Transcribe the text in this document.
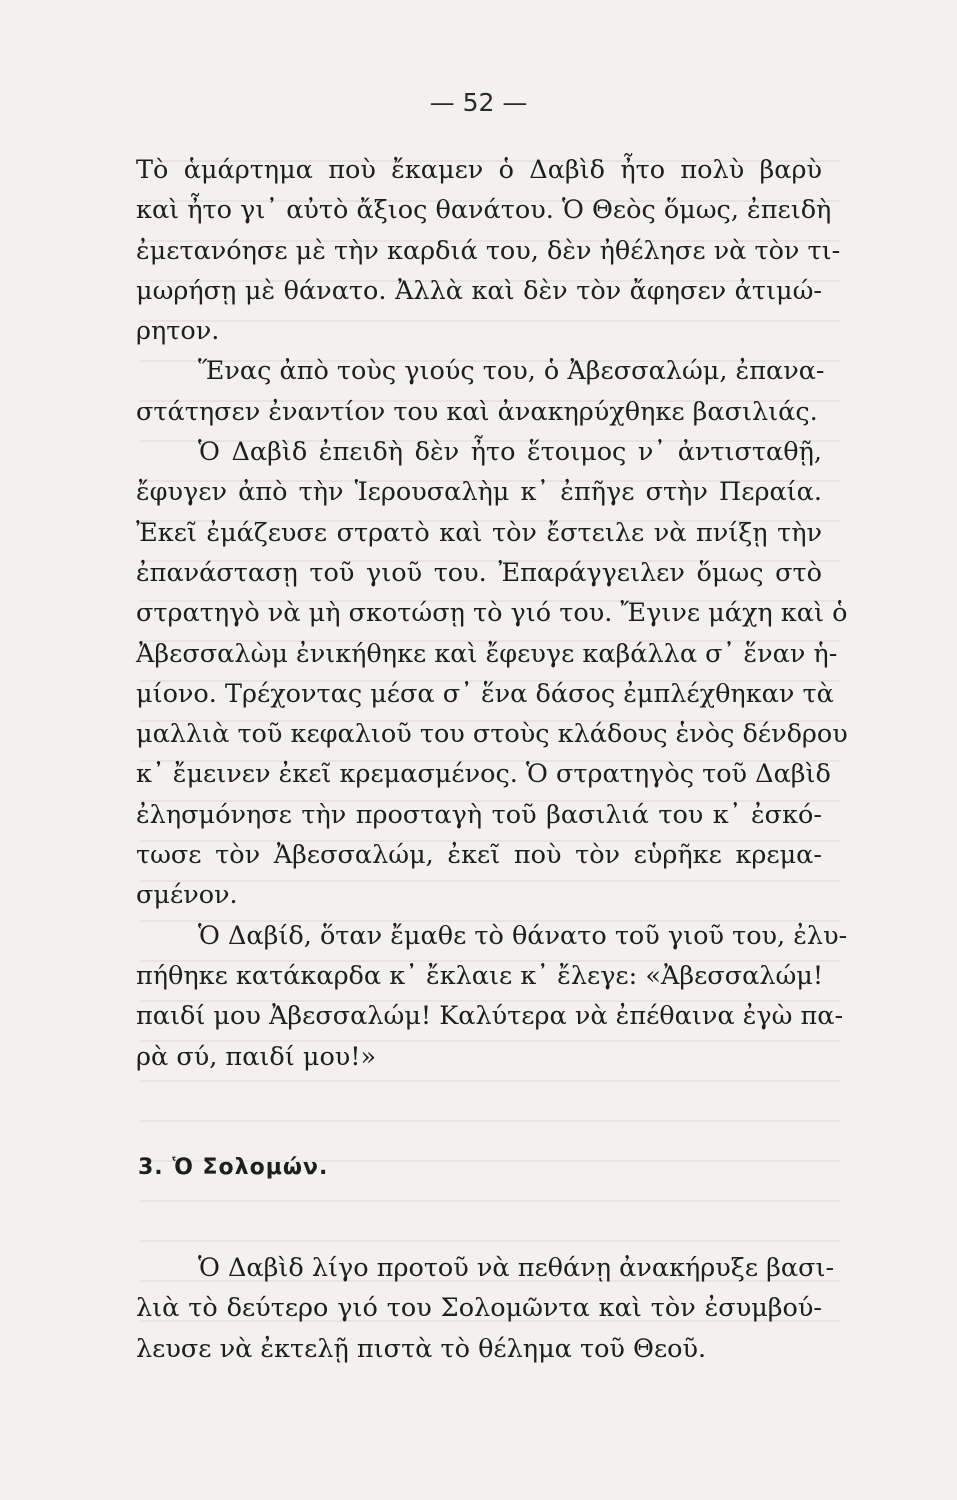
— 52 —
Τὸ ἁμάρτημα ποὺ ἔκαμεν ὁ Δαβὶδ ἦτο πολὺ βαρὺ
καὶ ἦτο γι᾽ αὐτὸ ἄξιος θανάτου. Ὁ Θεὸς ὅμως, ἐπειδὴ
ἐμετανόησε μὲ τὴν καρδιά του, δὲν ἠθέλησε νὰ τὸν τι-
μωρήσῃ μὲ θάνατο. Ἀλλὰ καὶ δὲν τὸν ἄφησεν ἀτιμώ-
ρητον.
Ἕνας ἀπὸ τοὺς γιούς του, ὁ Ἀβεσσαλώμ, ἐπανα-
στάτησεν ἐναντίον του καὶ ἀνακηρύχθηκε βασιλιάς.
Ὁ Δαβὶδ ἐπειδὴ δὲν ἦτο ἕτοιμος ν᾽ ἀντισταθῇ,
ἔφυγεν ἀπὸ τὴν Ἱερουσαλὴμ κ᾽ ἐπῆγε στὴν Περαία.
Ἐκεῖ ἐμάζευσε στρατὸ καὶ τὸν ἔστειλε νὰ πνίξῃ τὴν
ἐπανάστασῃ τοῦ γιοῦ του. Ἐπαράγγειλεν ὅμως στὸ
στρατηγὸ νὰ μὴ σκοτώσῃ τὸ γιό του. Ἔγινε μάχη καὶ ὁ
Ἀβεσσαλὼμ ἐνικήθηκε καὶ ἔφευγε καβάλλα σ᾽ ἕναν ἡ-
μίονο. Τρέχοντας μέσα σ᾽ ἕνα δάσος ἐμπλέχθηκαν τὰ
μαλλιὰ τοῦ κεφαλιοῦ του στοὺς κλάδους ἑνὸς δένδρου
κ᾽ ἔμεινεν ἐκεῖ κρεμασμένος. Ὁ στρατηγὸς τοῦ Δαβὶδ
ἐλησμόνησε τὴν προσταγὴ τοῦ βασιλιά του κ᾽ ἐσκό-
τωσε τὸν Ἀβεσσαλώμ, ἐκεῖ ποὺ τὸν εὑρῆκε κρεμα-
σμένον.
Ὁ Δαβίδ, ὅταν ἔμαθε τὸ θάνατο τοῦ γιοῦ του, ἐλυ-
πήθηκε κατάκαρδα κ᾽ ἔκλαιε κ᾽ ἔλεγε: «Ἀβεσσαλώμ!
παιδί μου Ἀβεσσαλώμ! Καλύτερα νὰ ἐπέθαινα ἐγὼ πα-
ρὰ σύ, παιδί μου!»
3. Ὁ Σολομών.
Ὁ Δαβὶδ λίγο προτοῦ νὰ πεθάνῃ ἀνακήρυξε βασι-
λιὰ τὸ δεύτερο γιό του Σολομῶντα καὶ τὸν ἐσυμβού-
λευσε νὰ ἐκτελῇ πιστὰ τὸ θέλημα τοῦ Θεοῦ.
